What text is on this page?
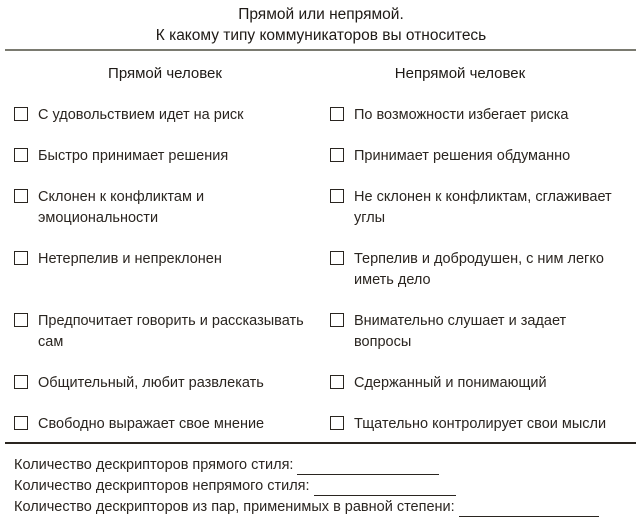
Прямой или непрямой.
К какому типу коммуникаторов вы относитесь
Прямой человек	Непрямой человек
С удовольствием идет на риск
Быстро принимает решения
Склонен к конфликтам и эмоциональности
Нетерпелив и непреклонен
Предпочитает говорить и рассказывать сам
Общительный, любит развлекать
Свободно выражает свое мнение
По возможности избегает риска
Принимает решения обдуманно
Не склонен к конфликтам, сглаживает углы
Терпелив и добродушен, с ним легко иметь дело
Внимательно слушает и задает вопросы
Сдержанный и понимающий
Тщательно контролирует свои мысли
Количество дескрипторов прямого стиля:
Количество дескрипторов непрямого стиля:
Количество дескрипторов из пар, применимых в равной степени:
